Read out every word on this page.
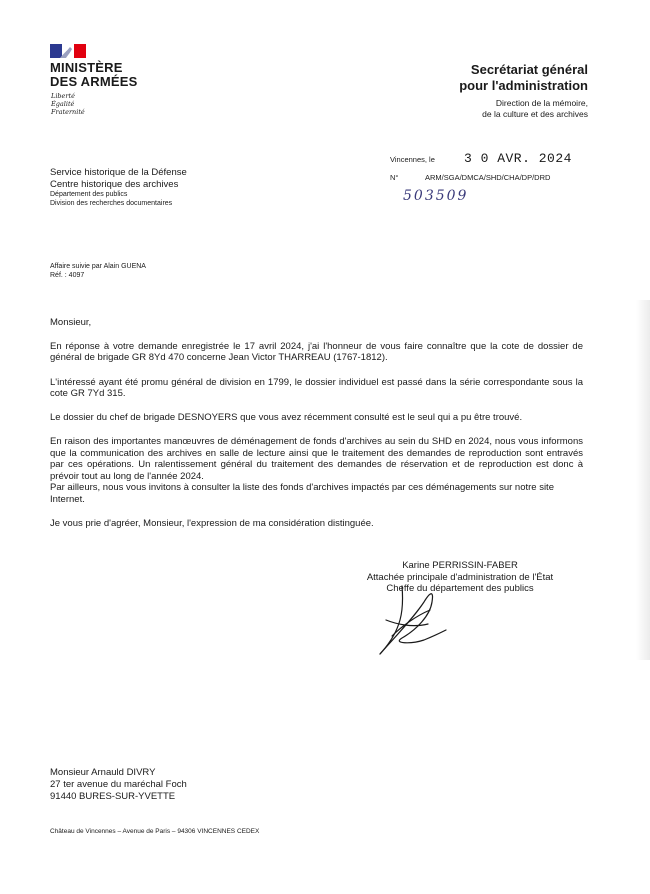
MINISTÈRE
DES ARMÉES
Liberté
Égalité
Fraternité
Secrétariat général
pour l'administration
Direction de la mémoire,
de la culture et des archives
Service historique de la Défense
Centre historique des archives
Département des publics
Division des recherches documentaires
Vincennes, le 3 0 AVR. 2024
N°	ARM/SGA/DMCA/SHD/CHA/DP/DRD
503509
Affaire suivie par Alain GUENA
Réf. : 4097

Monsieur,

En réponse à votre demande enregistrée le 17 avril 2024, j'ai l'honneur de vous faire connaître que la cote de dossier de général de brigade GR 8Yd 470 concerne Jean Victor THARREAU (1767-1812).

L'intéressé ayant été promu général de division en 1799, le dossier individuel est passé dans la série correspondante sous la cote GR 7Yd 315.

Le dossier du chef de brigade DESNOYERS que vous avez récemment consulté est le seul qui a pu être trouvé.

En raison des importantes manœuvres de déménagement de fonds d'archives au sein du SHD en 2024, nous vous informons que la communication des archives en salle de lecture ainsi que le traitement des demandes de reproduction sont entravés par ces opérations. Un ralentissement général du traitement des demandes de réservation et de reproduction est donc à prévoir tout au long de l'année 2024.

Par ailleurs, nous vous invitons à consulter la liste des fonds d'archives impactés par ces déménagements sur notre site Internet.

Je vous prie d'agréer, Monsieur, l'expression de ma considération distinguée.

Karine PERRISSIN-FABER
Attachée principale d'administration de l'État
Cheffe du département des publics
Monsieur Arnauld DIVRY
27 ter avenue du maréchal Foch
91440 BURES-SUR-YVETTE
Château de Vincennes – Avenue de Paris – 94306 VINCENNES CEDEX
